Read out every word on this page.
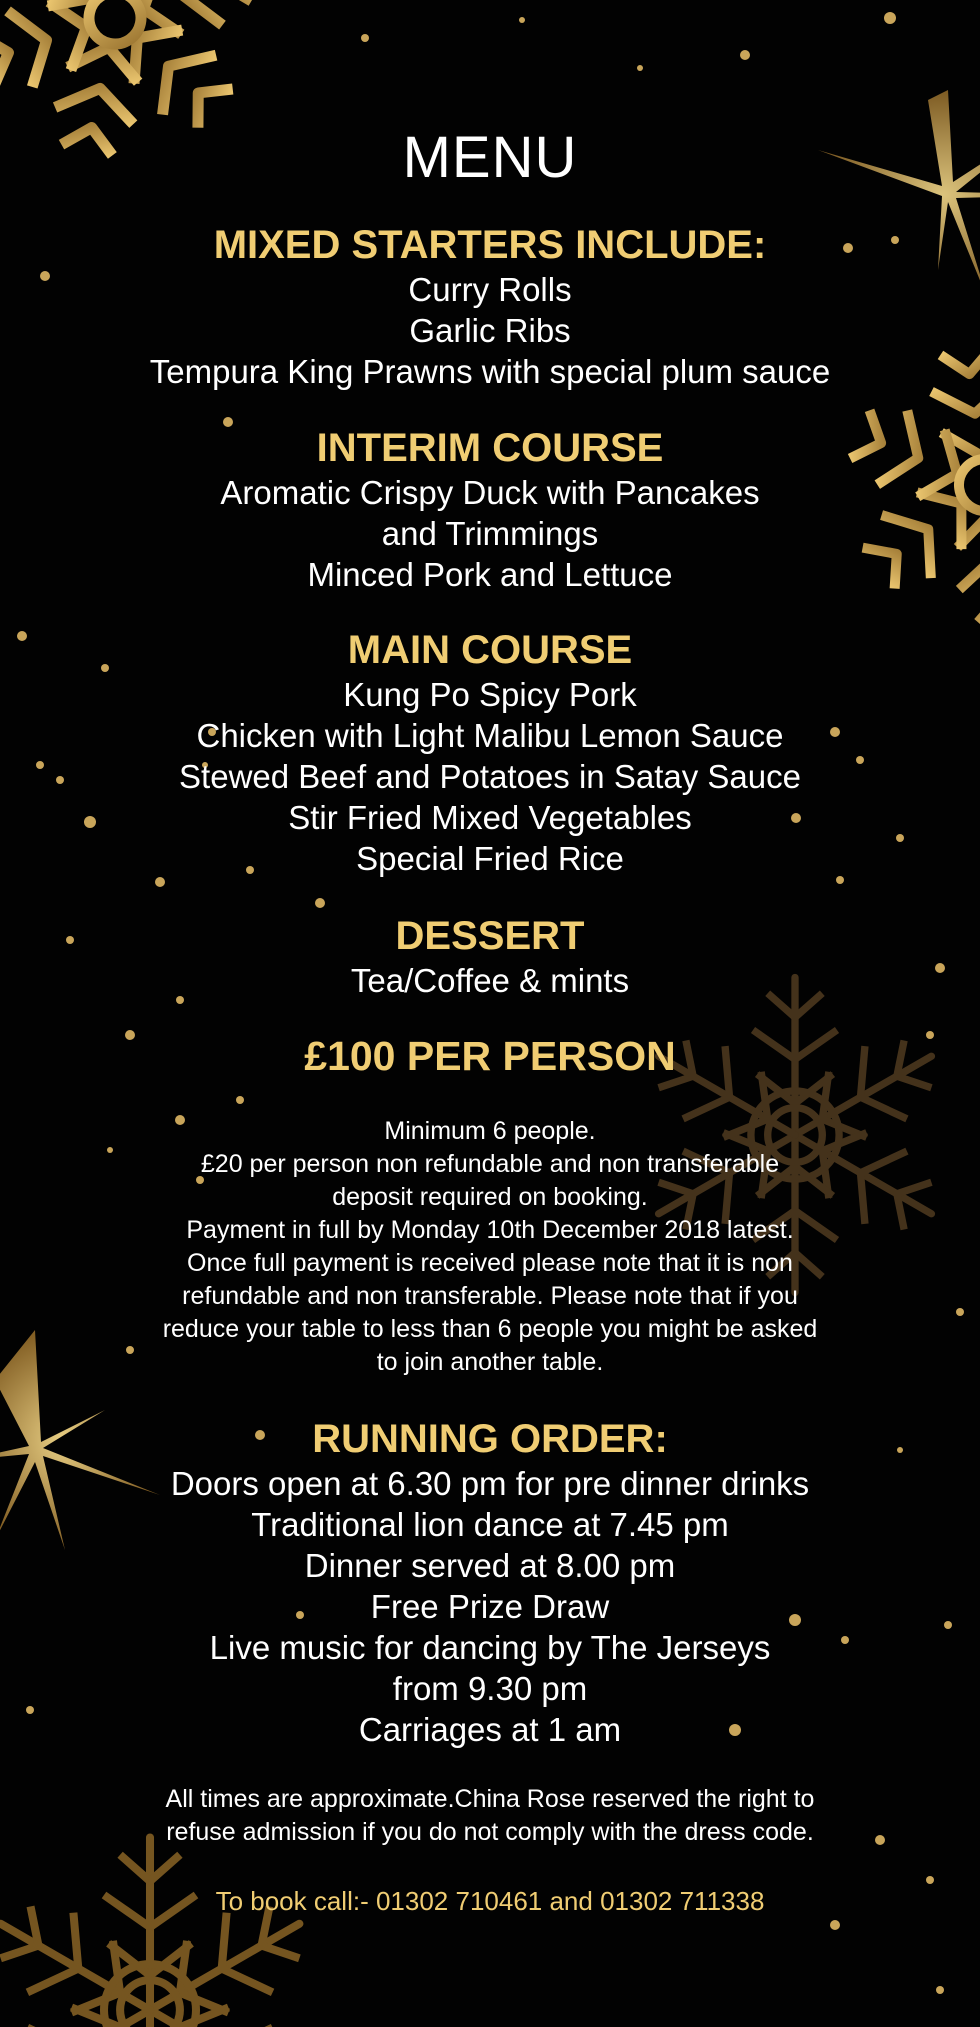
MENU

MIXED STARTERS INCLUDE:

Curry Rolls

Garlic Ribs

Tempura King Prawns with special plum sauce

INTERIM COURSE

Aromatic Crispy Duck with Pancakes

and Trimmings

Minced Pork and Lettuce

MAIN COURSE

Kung Po Spicy Pork

Chicken with Light Malibu Lemon Sauce

Stewed Beef and Potatoes in Satay Sauce

Stir Fried Mixed Vegetables

Special Fried Rice

DESSERT

Tea/Coffee & mints

£100 PER PERSON
Minimum 6 people.
£20 per person non refundable and non transferable
deposit required on booking.
Payment in full by Monday 10th December 2018 latest.
Once full payment is received please note that it is non
refundable and non transferable. Please note that if you
reduce your table to less than 6 people you might be asked
to join another table.

RUNNING ORDER:

Doors open at 6.30 pm for pre dinner drinks

Traditional lion dance at 7.45 pm

Dinner served at 8.00 pm

Free Prize Draw

Live music for dancing by The Jerseys

from 9.30 pm

Carriages at 1 am

All times are approximate.China Rose reserved the right to
refuse admission if you do not comply with the dress code.
To book call:- 01302 710461 and 01302 711338
